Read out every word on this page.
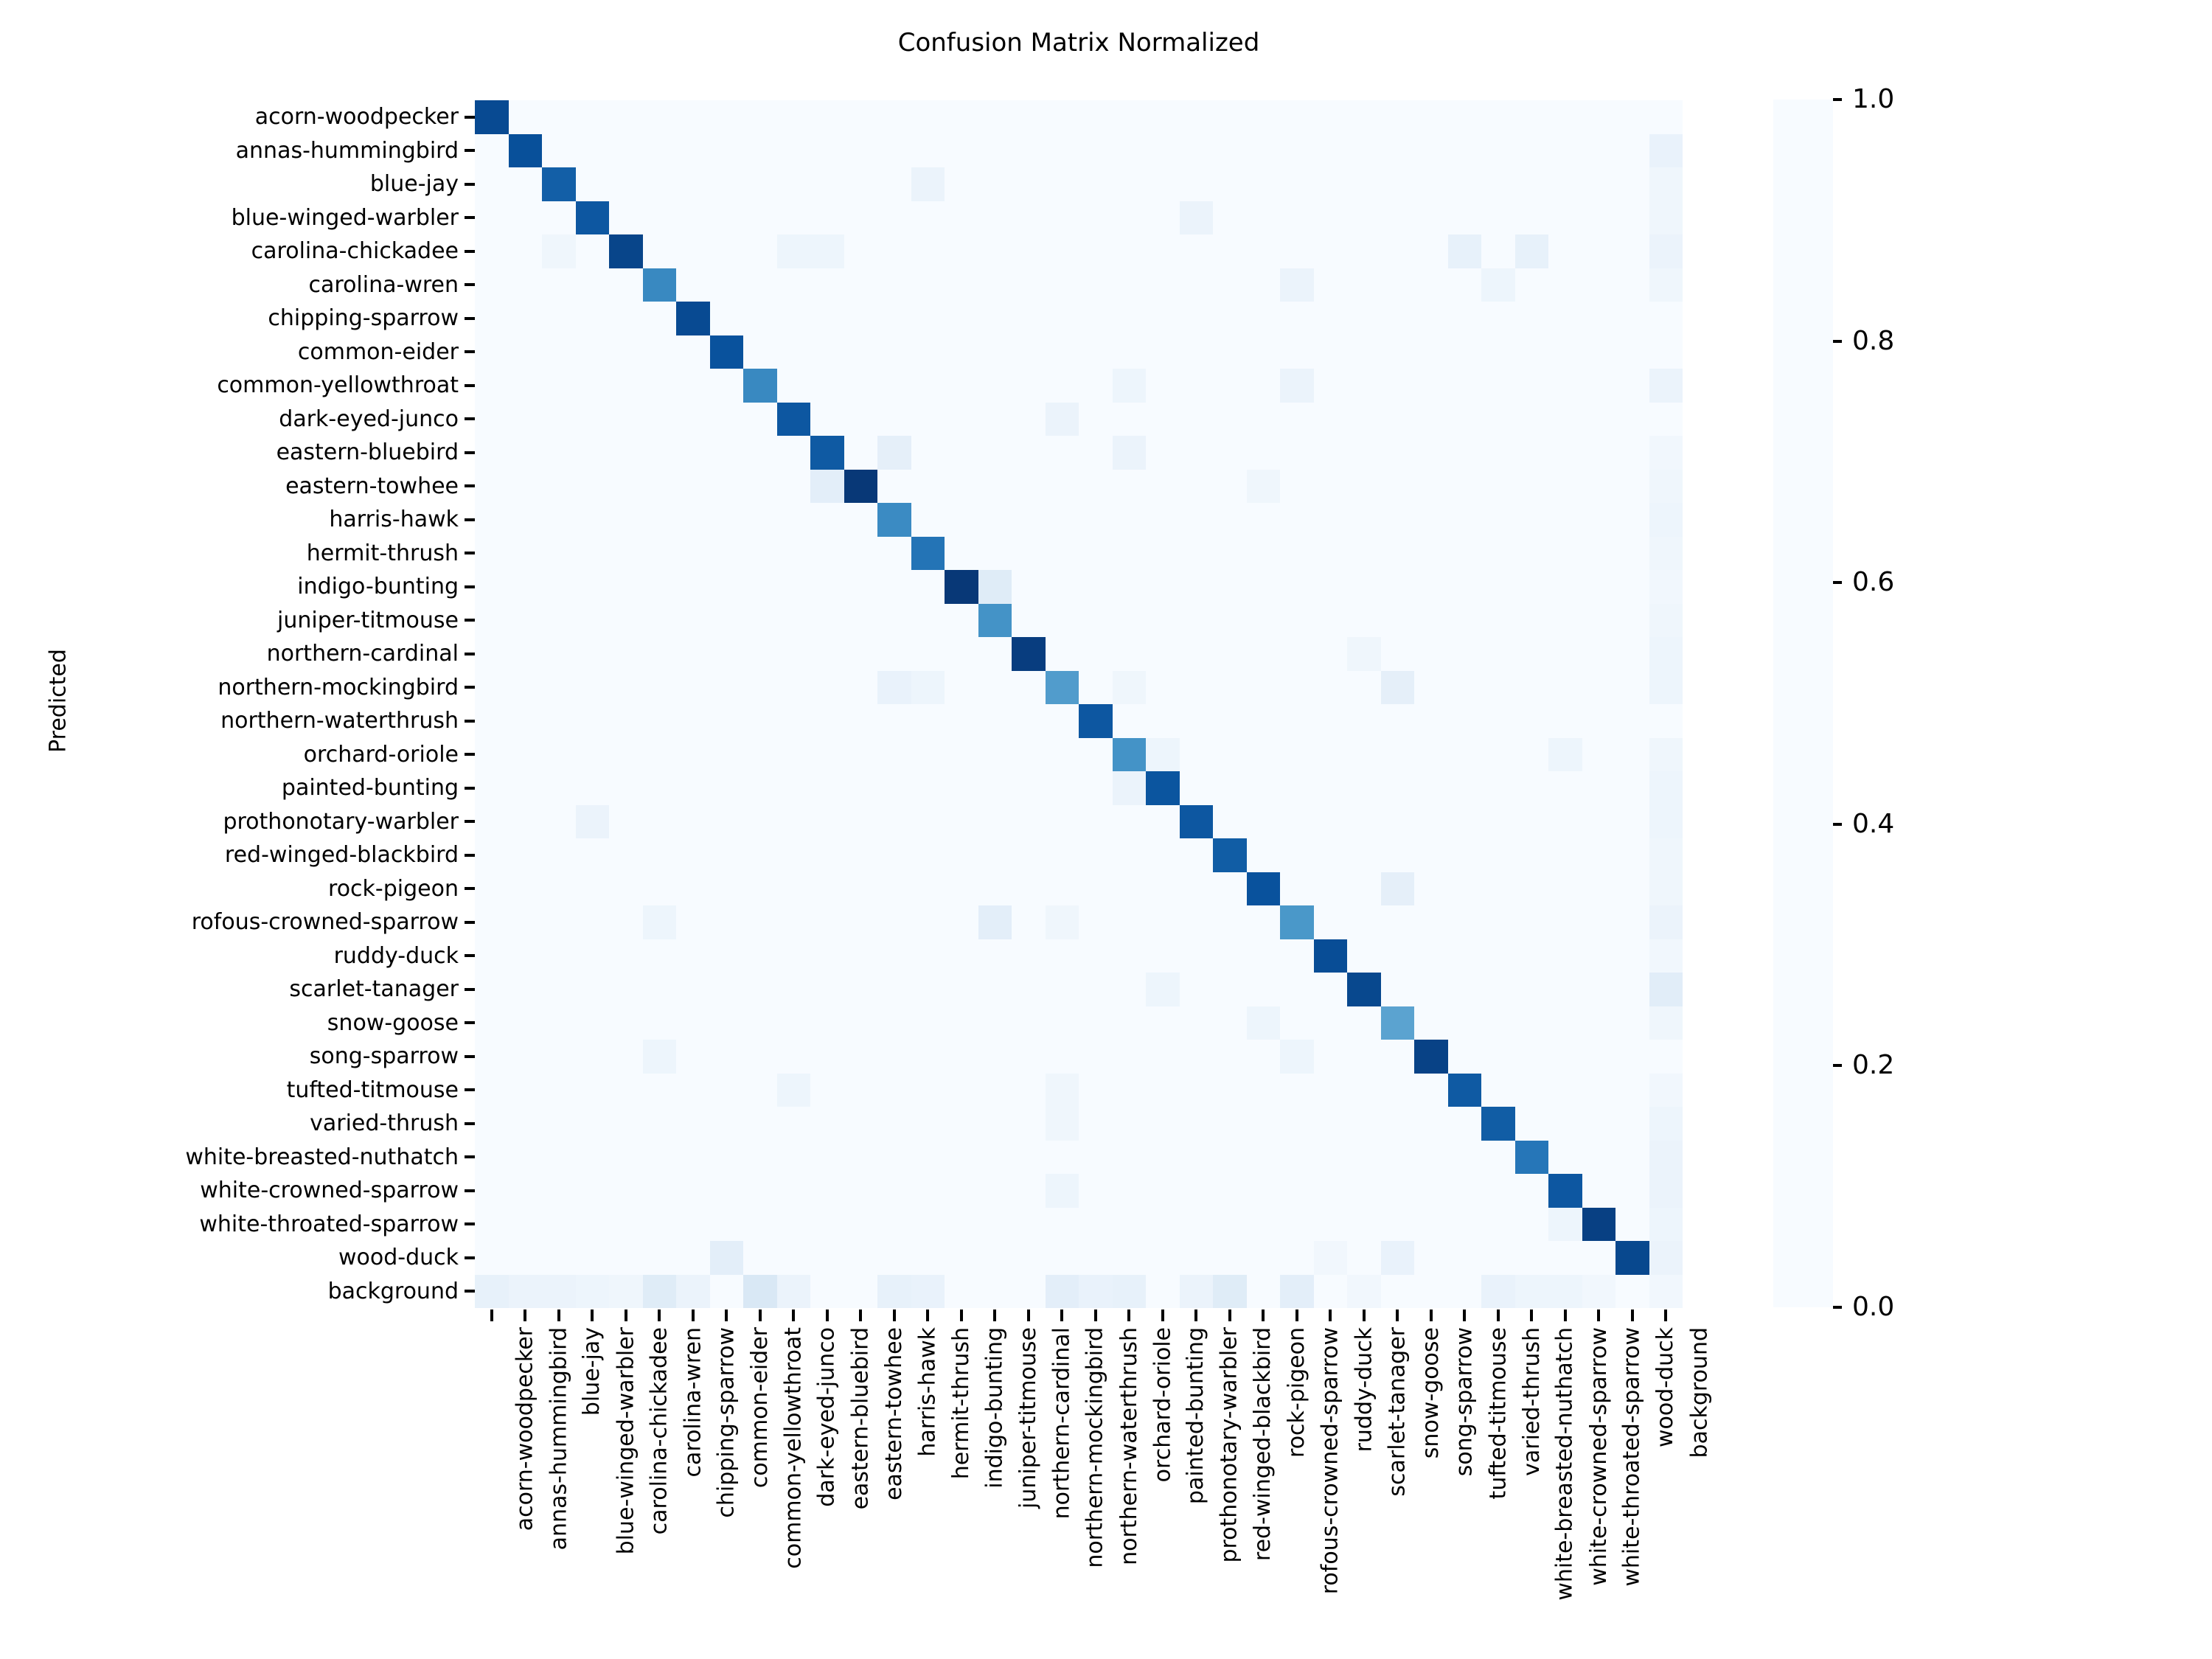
Confusion Matrix Normalized
Predicted
acorn-woodpecker
annas-hummingbird
blue-jay
blue-winged-warbler
carolina-chickadee
carolina-wren
chipping-sparrow
common-eider
common-yellowthroat
dark-eyed-junco
eastern-bluebird
eastern-towhee
harris-hawk
hermit-thrush
indigo-bunting
juniper-titmouse
northern-cardinal
northern-mockingbird
northern-waterthrush
orchard-oriole
painted-bunting
prothonotary-warbler
red-winged-blackbird
rock-pigeon
rofous-crowned-sparrow
ruddy-duck
scarlet-tanager
snow-goose
song-sparrow
tufted-titmouse
varied-thrush
white-breasted-nuthatch
white-crowned-sparrow
white-throated-sparrow
wood-duck
background
acorn-woodpecker annas-hummingbird blue-jay blue-winged-warbler carolina-chickadee carolina-wren chipping-sparrow common-eider common-yellowthroat dark-eyed-junco eastern-bluebird eastern-towhee harris-hawk hermit-thrush indigo-bunting juniper-titmouse northern-cardinal northern-mockingbird northern-waterthrush orchard-oriole painted-bunting prothonotary-warbler red-winged-blackbird rock-pigeon rofous-crowned-sparrow ruddy-duck scarlet-tanager snow-goose song-sparrow tufted-titmouse varied-thrush white-breasted-nuthatch white-crowned-sparrow white-throated-sparrow wood-duck background
1.0
0.8
0.6
0.4
0.2
0.0
